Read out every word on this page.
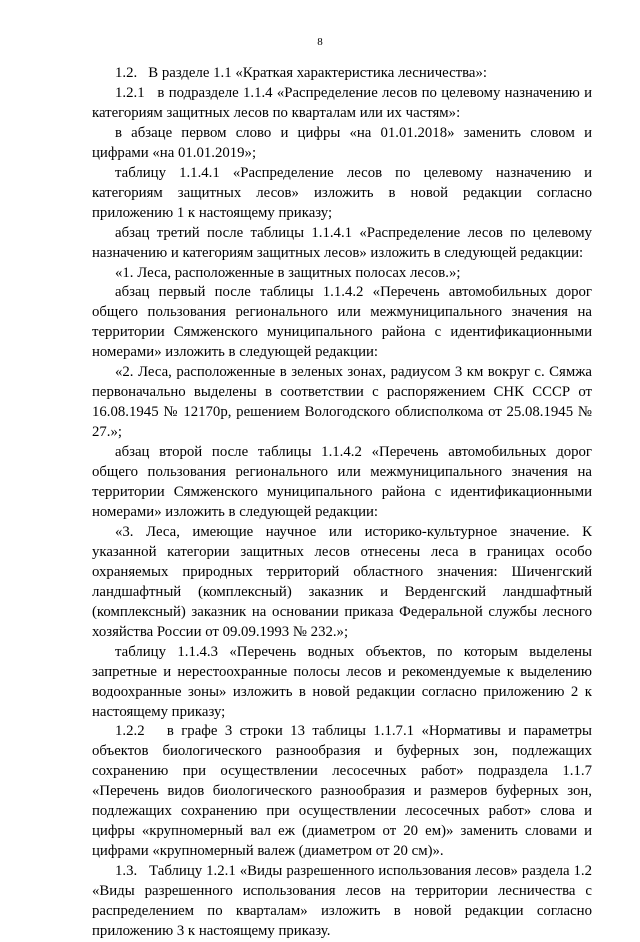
8

1.2.   В разделе 1.1 «Краткая характеристика лесничества»:

1.2.1   в подразделе 1.1.4 «Распределение лесов по целевому назначению и категориям защитных лесов по кварталам или их частям»:

в абзаце первом слово и цифры «на 01.01.2018» заменить словом и цифрами «на 01.01.2019»;

таблицу 1.1.4.1 «Распределение лесов по целевому назначению и категориям защитных лесов» изложить в новой редакции согласно приложению 1 к настоящему приказу;

абзац третий после таблицы 1.1.4.1 «Распределение лесов по целевому назначению и категориям защитных лесов» изложить в следующей редакции:

«1. Леса, расположенные в защитных полосах лесов.»;

абзац первый после таблицы 1.1.4.2 «Перечень автомобильных дорог общего пользования регионального или межмуниципального значения на территории Сямженского муниципального района с идентификационными номерами» изложить в следующей редакции:

«2. Леса, расположенные в зеленых зонах, радиусом 3 км вокруг с. Сямжа первоначально выделены в соответствии с распоряжением СНК СССР от 16.08.1945 № 12170р, решением Вологодского облисполкома от 25.08.1945 № 27.»;

абзац второй после таблицы 1.1.4.2 «Перечень автомобильных дорог общего пользования регионального или межмуниципального значения на территории Сямженского муниципального района с идентификационными номерами» изложить в следующей редакции:

«3. Леса, имеющие научное или историко-культурное значение. К указанной категории защитных лесов отнесены леса в границах особо охраняемых природных территорий областного значения: Шиченгский ландшафтный (комплексный) заказник и Верденгский ландшафтный (комплексный) заказник на основании приказа Федеральной службы лесного хозяйства России от 09.09.1993 № 232.»;

таблицу 1.1.4.3 «Перечень водных объектов, по которым выделены запретные и нерестоохранные полосы лесов и рекомендуемые к выделению водоохранные зоны» изложить в новой редакции согласно приложению 2 к настоящему приказу;

1.2.2   в графе 3 строки 13 таблицы 1.1.7.1 «Нормативы и параметры объектов биологического разнообразия и буферных зон, подлежащих сохранению при осуществлении лесосечных работ» подраздела 1.1.7 «Перечень видов биологического разнообразия и размеров буферных зон, подлежащих сохранению при осуществлении лесосечных работ» слова и цифры «крупномерный вал еж (диаметром от 20 ем)» заменить словами и цифрами «крупномерный валеж (диаметром от 20 см)».

1.3.   Таблицу 1.2.1 «Виды разрешенного использования лесов» раздела 1.2 «Виды разрешенного использования лесов на территории лесничества с распределением по кварталам» изложить в новой редакции согласно приложению 3 к настоящему приказу.
